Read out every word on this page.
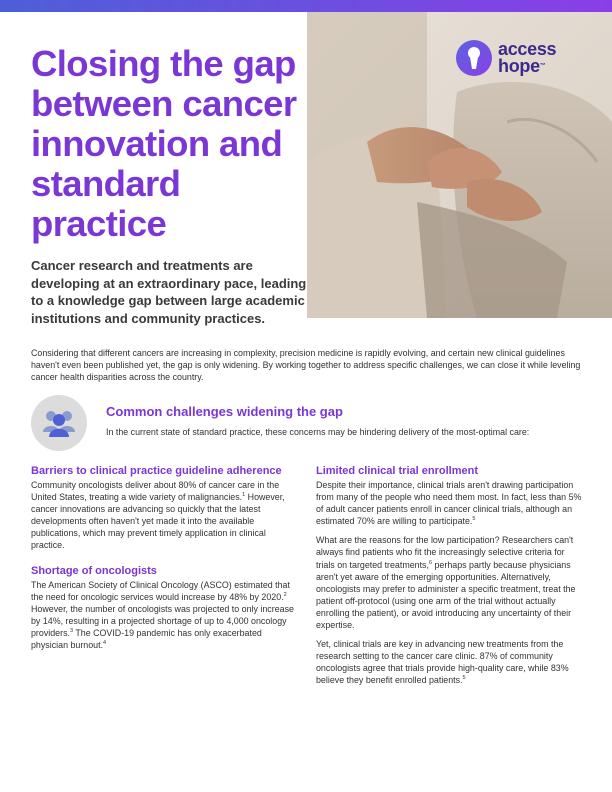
access
hope™
Closing the gap between cancer innovation and standard practice

Cancer research and treatments are developing at an extraordinary pace, leading to a knowledge gap between large academic institutions and community practices.

Considering that different cancers are increasing in complexity, precision medicine is rapidly evolving, and certain new clinical guidelines haven't even been published yet, the gap is only widening. By working together to address specific challenges, we can close it while leveling cancer health disparities across the country.

Common challenges widening the gap

In the current state of standard practice, these concerns may be hindering delivery of the most-optimal care:

Barriers to clinical practice guideline adherence

Community oncologists deliver about 80% of cancer care in the United States, treating a wide variety of malignancies.$^1$ However, cancer innovations are advancing so quickly that the latest developments often haven't yet made it into the available publications, which may prevent timely application in clinical practice.

Shortage of oncologists

The American Society of Clinical Oncology (ASCO) estimated that the need for oncologic services would increase by 48% by 2020.$^2$ However, the number of oncologists was projected to only increase by 14%, resulting in a projected shortage of up to 4,000 oncology providers.$^3$ The COVID-19 pandemic has only exacerbated physician burnout.$^4$

Limited clinical trial enrollment

Despite their importance, clinical trials aren't drawing participation from many of the people who need them most. In fact, less than 5% of adult cancer patients enroll in cancer clinical trials, although an estimated 70% are willing to participate.$^5$

What are the reasons for the low participation? Researchers can't always find patients who fit the increasingly selective criteria for trials on targeted treatments,$^6$ perhaps partly because physicians aren't yet aware of the emerging opportunities. Alternatively, oncologists may prefer to administer a specific treatment, treat the patient off-protocol (using one arm of the trial without actually enrolling the patient), or avoid introducing any uncertainty of their expertise.

Yet, clinical trials are key in advancing new treatments from the research setting to the cancer care clinic. 87% of community oncologists agree that trials provide high-quality care, while 83% believe they benefit enrolled patients.$^5$
